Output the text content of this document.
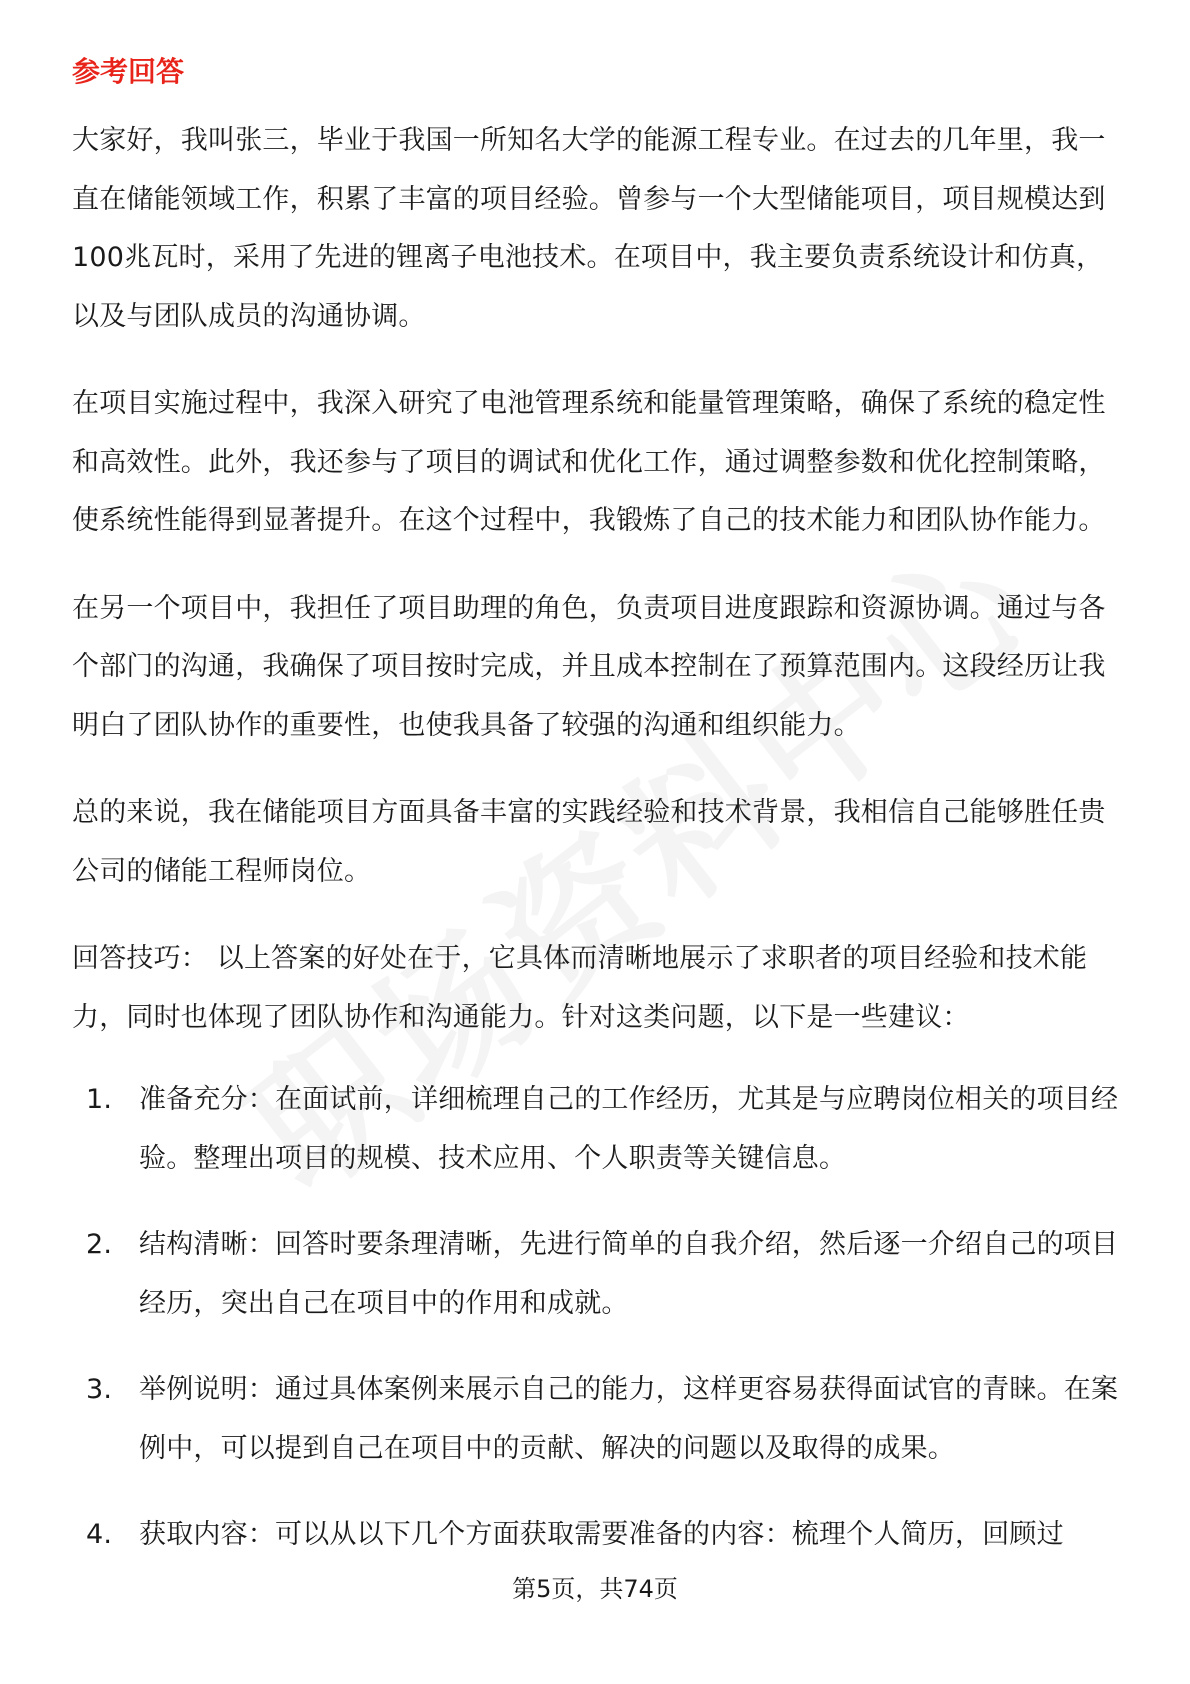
参考回答

大家好，我叫张三，毕业于我国一所知名大学的能源工程专业。在过去的几年里，我一直在储能领域工作，积累了丰富的项目经验。曾参与一个大型储能项目，项目规模达到100兆瓦时，采用了先进的锂离子电池技术。在项目中，我主要负责系统设计和仿真，以及与团队成员的沟通协调。

在项目实施过程中，我深入研究了电池管理系统和能量管理策略，确保了系统的稳定性和高效性。此外，我还参与了项目的调试和优化工作，通过调整参数和优化控制策略，使系统性能得到显著提升。在这个过程中，我锻炼了自己的技术能力和团队协作能力。

在另一个项目中，我担任了项目助理的角色，负责项目进度跟踪和资源协调。通过与各个部门的沟通，我确保了项目按时完成，并且成本控制在了预算范围内。这段经历让我明白了团队协作的重要性，也使我具备了较强的沟通和组织能力。

总的来说，我在储能项目方面具备丰富的实践经验和技术背景，我相信自己能够胜任贵公司的储能工程师岗位。

回答技巧： 以上答案的好处在于，它具体而清晰地展示了求职者的项目经验和技术能力，同时也体现了团队协作和沟通能力。针对这类问题，以下是一些建议：

1. 准备充分：在面试前，详细梳理自己的工作经历，尤其是与应聘岗位相关的项目经验。整理出项目的规模、技术应用、个人职责等关键信息。
2. 结构清晰：回答时要条理清晰，先进行简单的自我介绍，然后逐一介绍自己的项目经历，突出自己在项目中的作用和成就。
3. 举例说明：通过具体案例来展示自己的能力，这样更容易获得面试官的青睐。在案例中，可以提到自己在项目中的贡献、解决的问题以及取得的成果。
4. 获取内容：可以从以下几个方面获取需要准备的内容：梳理个人简历，回顾过
第5页，共74页
